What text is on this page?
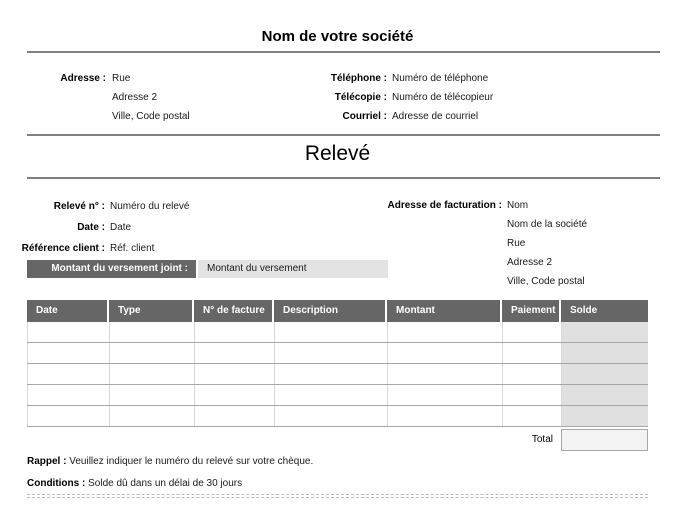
Nom de votre société
Adresse : Rue
Adresse 2
Ville, Code postal
Téléphone : Numéro de téléphone
Télécopie : Numéro de télécopieur
Courriel : Adresse de courriel
Relevé
Relevé n° : Numéro du relevé
Date : Date
Référence client : Réf. client
Adresse de facturation : Nom
Nom de la société
Rue
Adresse 2
Ville, Code postal
Montant du versement joint :	Montant du versement
Date	Type	N° de facture	Description	Montant	Paiement	Solde
Total
Rappel : Veuillez indiquer le numéro du relevé sur votre chèque.
Conditions : Solde dû dans un délai de 30 jours
